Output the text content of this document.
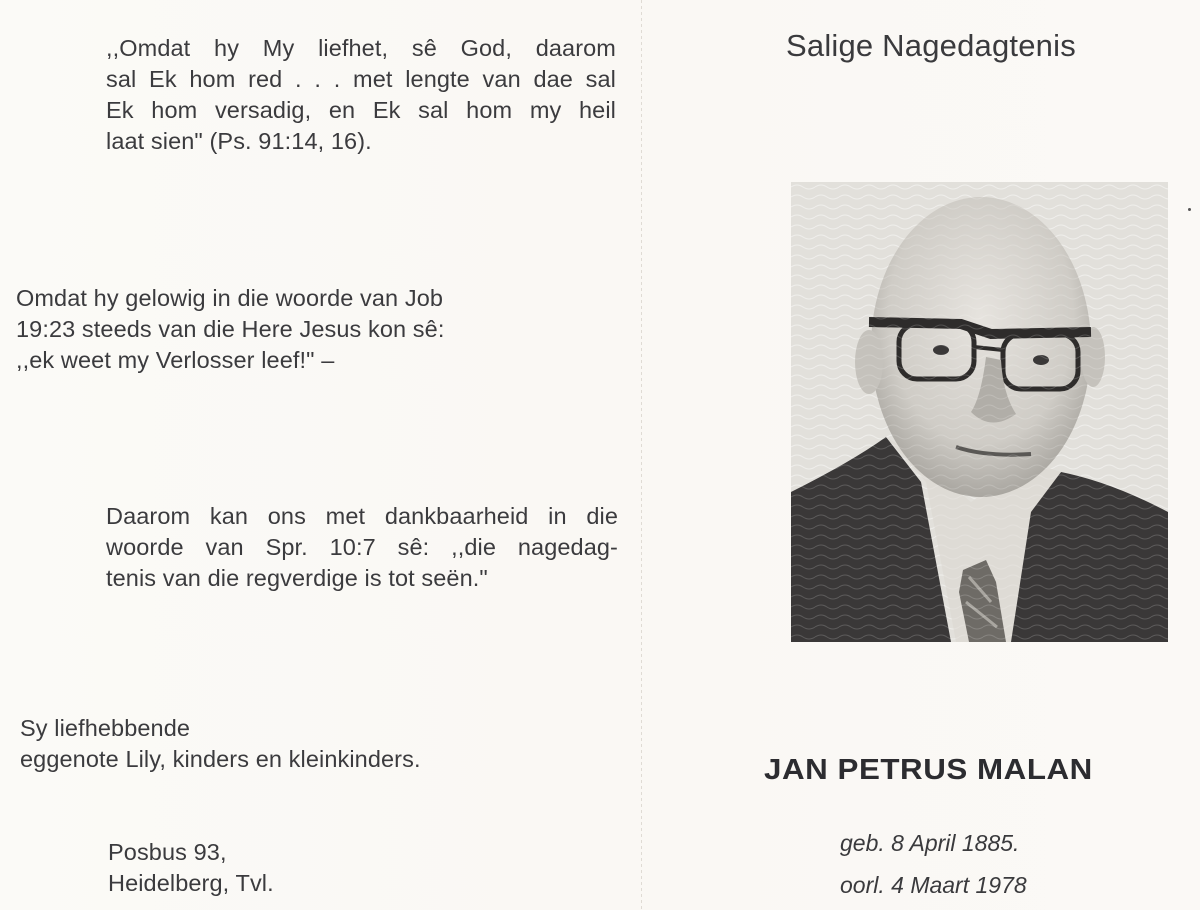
,,Omdat hy My liefhet, sê God, daarom
sal Ek hom red . . . met lengte van dae sal
Ek hom versadig, en Ek sal hom my heil
laat sien" (Ps. 91:14, 16).
Omdat hy gelowig in die woorde van Job
19:23 steeds van die Here Jesus kon sê:
,,ek weet my Verlosser leef!" –
Daarom kan ons met dankbaarheid in die
woorde van Spr. 10:7 sê: ,,die nagedag-
tenis van die regverdige is tot seën."
Sy liefhebbende
eggenote Lily, kinders en kleinkinders.
Posbus 93,
Heidelberg, Tvl.
Salige Nagedagtenis
JAN PETRUS MALAN
geb. 8 April 1885.
oorl. 4 Maart 1978
